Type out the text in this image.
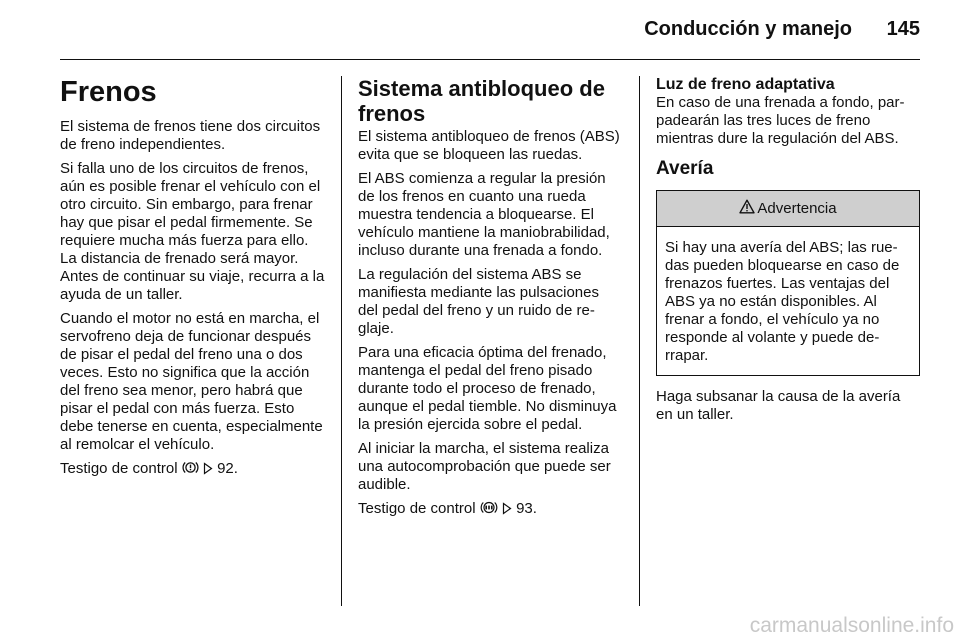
Conducción y manejo 145
Frenos

El sistema de frenos tiene dos circuitos de freno independientes.

Si falla uno de los circuitos de frenos, aún es posible frenar el vehículo con el otro circuito. Sin embargo, para frenar hay que pisar el pedal firmemente. Se requiere mucha más fuerza para ello. La distancia de frenado será mayor. Antes de continuar su viaje, recurra a la ayuda de un taller.

Cuando el motor no está en marcha, el servofreno deja de funcionar después de pisar el pedal del freno una o dos veces. Esto no significa que la acción del freno sea menor, pero habrá que pisar el pedal con más fuerza. Esto debe tenerse en cuenta, especialmente al remolcar el vehículo.

Testigo de control	92.

Sistema antibloqueo de frenos

El sistema antibloqueo de frenos (ABS) evita que se bloqueen las ruedas.

El ABS comienza a regular la presión de los frenos en cuanto una rueda muestra tendencia a bloquearse. El vehículo mantiene la maniobrabilidad, incluso durante una frenada a fondo.

La regulación del sistema ABS se manifiesta mediante las pulsaciones del pedal del freno y un ruido de reglaje.

Para una eficacia óptima del frenado, mantenga el pedal del freno pisado durante todo el proceso de frenado, aunque el pedal tiemble. No disminuya la presión ejercida sobre el pedal.

Al iniciar la marcha, el sistema realiza una autocomprobación que puede ser audible.

Testigo de control	93.

Luz de freno adaptativa

En caso de una frenada a fondo, parpadearán las tres luces de freno mientras dure la regulación del ABS.

Avería
Advertencia

Si hay una avería del ABS; las ruedas pueden bloquearse en caso de frenazos fuertes. Las ventajas del ABS ya no están disponibles. Al frenar a fondo, el vehículo ya no responde al volante y puede derrapar.

Haga subsanar la causa de la avería en un taller.

carmanualsonline.info
